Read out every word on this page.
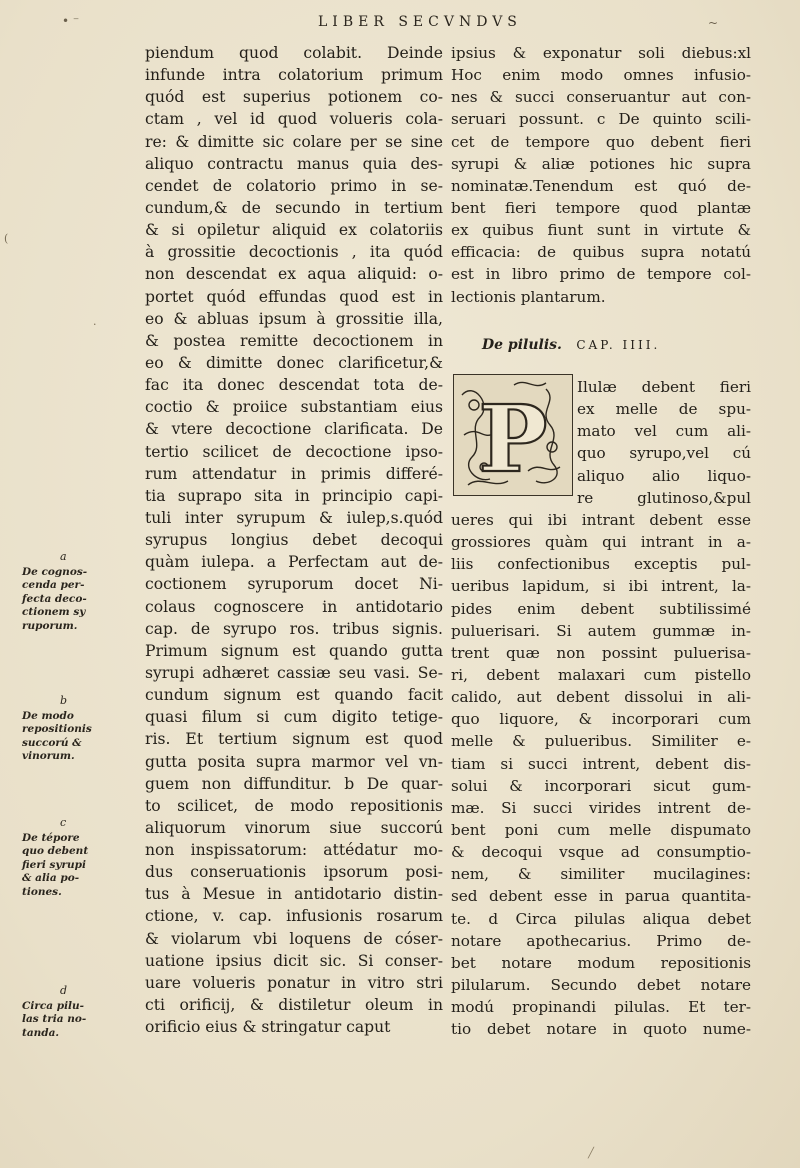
• ⁻	LIBER SECVNDVS	~
piendum quod colabit. Deinde
infunde intra colatorium primum
quód est superius potionem co-
ctam , vel id quod volueris cola-
re: & dimitte sic colare per se sine
aliquo contractu manus quia des-
cendet de colatorio primo in se-
cundum,& de secundo in tertium
& si opiletur aliquid ex colatoriis
à grossitie decoctionis , ita quód
non descendat ex aqua aliquid: o-
portet quód effundas quod est in
eo & abluas ipsum à grossitie illa,
& postea remitte decoctionem in
eo & dimitte donec clarificetur,&
fac ita donec descendat tota de-
coctio & proiice substantiam eius
& vtere decoctione clarificata. De
tertio scilicet de decoctione ipso-
rum attendatur in primis differé-
tia suprapo sita in principio capi-
tuli inter syrupum & iulep,s.quód
syrupus longius debet decoqui
quàm iulepa. a Perfectam aut de-
coctionem syruporum docet Ni-
colaus cognoscere in antidotario
cap. de syrupo ros. tribus signis.
Primum signum est quando gutta
syrupi adhæret cassiæ seu vasi. Se-
cundum signum est quando facit
quasi filum si cum digito tetige-
ris. Et tertium signum est quod
gutta posita supra marmor vel vn-
guem non diffunditur. b De quar-
to scilicet, de modo repositionis
aliquorum vinorum siue succorú
non inspissatorum: attédatur mo-
dus conseruationis ipsorum posi-
tus à Mesue in antidotario distin-
ctione, v. cap. infusionis rosarum
& violarum vbi loquens de cóser-
uatione ipsius dicit sic. Si conser-
uare volueris ponatur in vitro stri
cti orificij, & distiletur oleum in
orificio eius & stringatur caput
ipsius & exponatur soli diebus:xl
Hoc enim modo omnes infusio-
nes & succi conseruantur aut con-
seruari possunt. c De quinto scili-
cet de tempore quo debent fieri
syrupi & aliæ potiones hic supra
nominatæ.Tenendum est quó de-
bent fieri tempore quod plantæ
ex quibus fiunt sunt in virtute &
efficacia: de quibus supra notatú
est in libro primo de tempore col-
lectionis plantarum.
De pilulis. CAP. IIII.
P Ilulæ debent fieri
ex melle de spu-
mato vel cum ali-
quo syrupo,vel cú
aliquo alio liquo-
re glutinoso,&pul
ueres qui ibi intrant debent esse
grossiores quàm qui intrant in a-
liis confectionibus exceptis pul-
ueribus lapidum, si ibi intrent, la-
pides enim debent subtilissimé
puluerisari. Si autem gummæ in-
trent quæ non possint puluerisa-
ri, debent malaxari cum pistello
calido, aut debent dissolui in ali-
quo liquore, & incorporari cum
melle & pulueribus. Similiter e-
tiam si succi intrent, debent dis-
solui & incorporari sicut gum-
mæ. Si succi virides intrent de-
bent poni cum melle dispumato
& decoqui vsque ad consumptio-
nem, & similiter mucilagines:
sed debent esse in parua quantita-
te. d Circa pilulas aliqua debet
notare apothecarius. Primo de-
bet notare modum repositionis
pilularum. Secundo debet notare
modú propinandi pilulas. Et ter-
tio debet notare in quoto nume-
a
De cognos-
cenda per-
fecta deco-
ctionem sy
ruporum.
b
De modo
repositionis
succorú &
vinorum.
c
De tépore
quo debent
fieri syrupi
& alia po-
tiones.
d
Circa pilu-
las tria no-
tanda.
(
·
╱
